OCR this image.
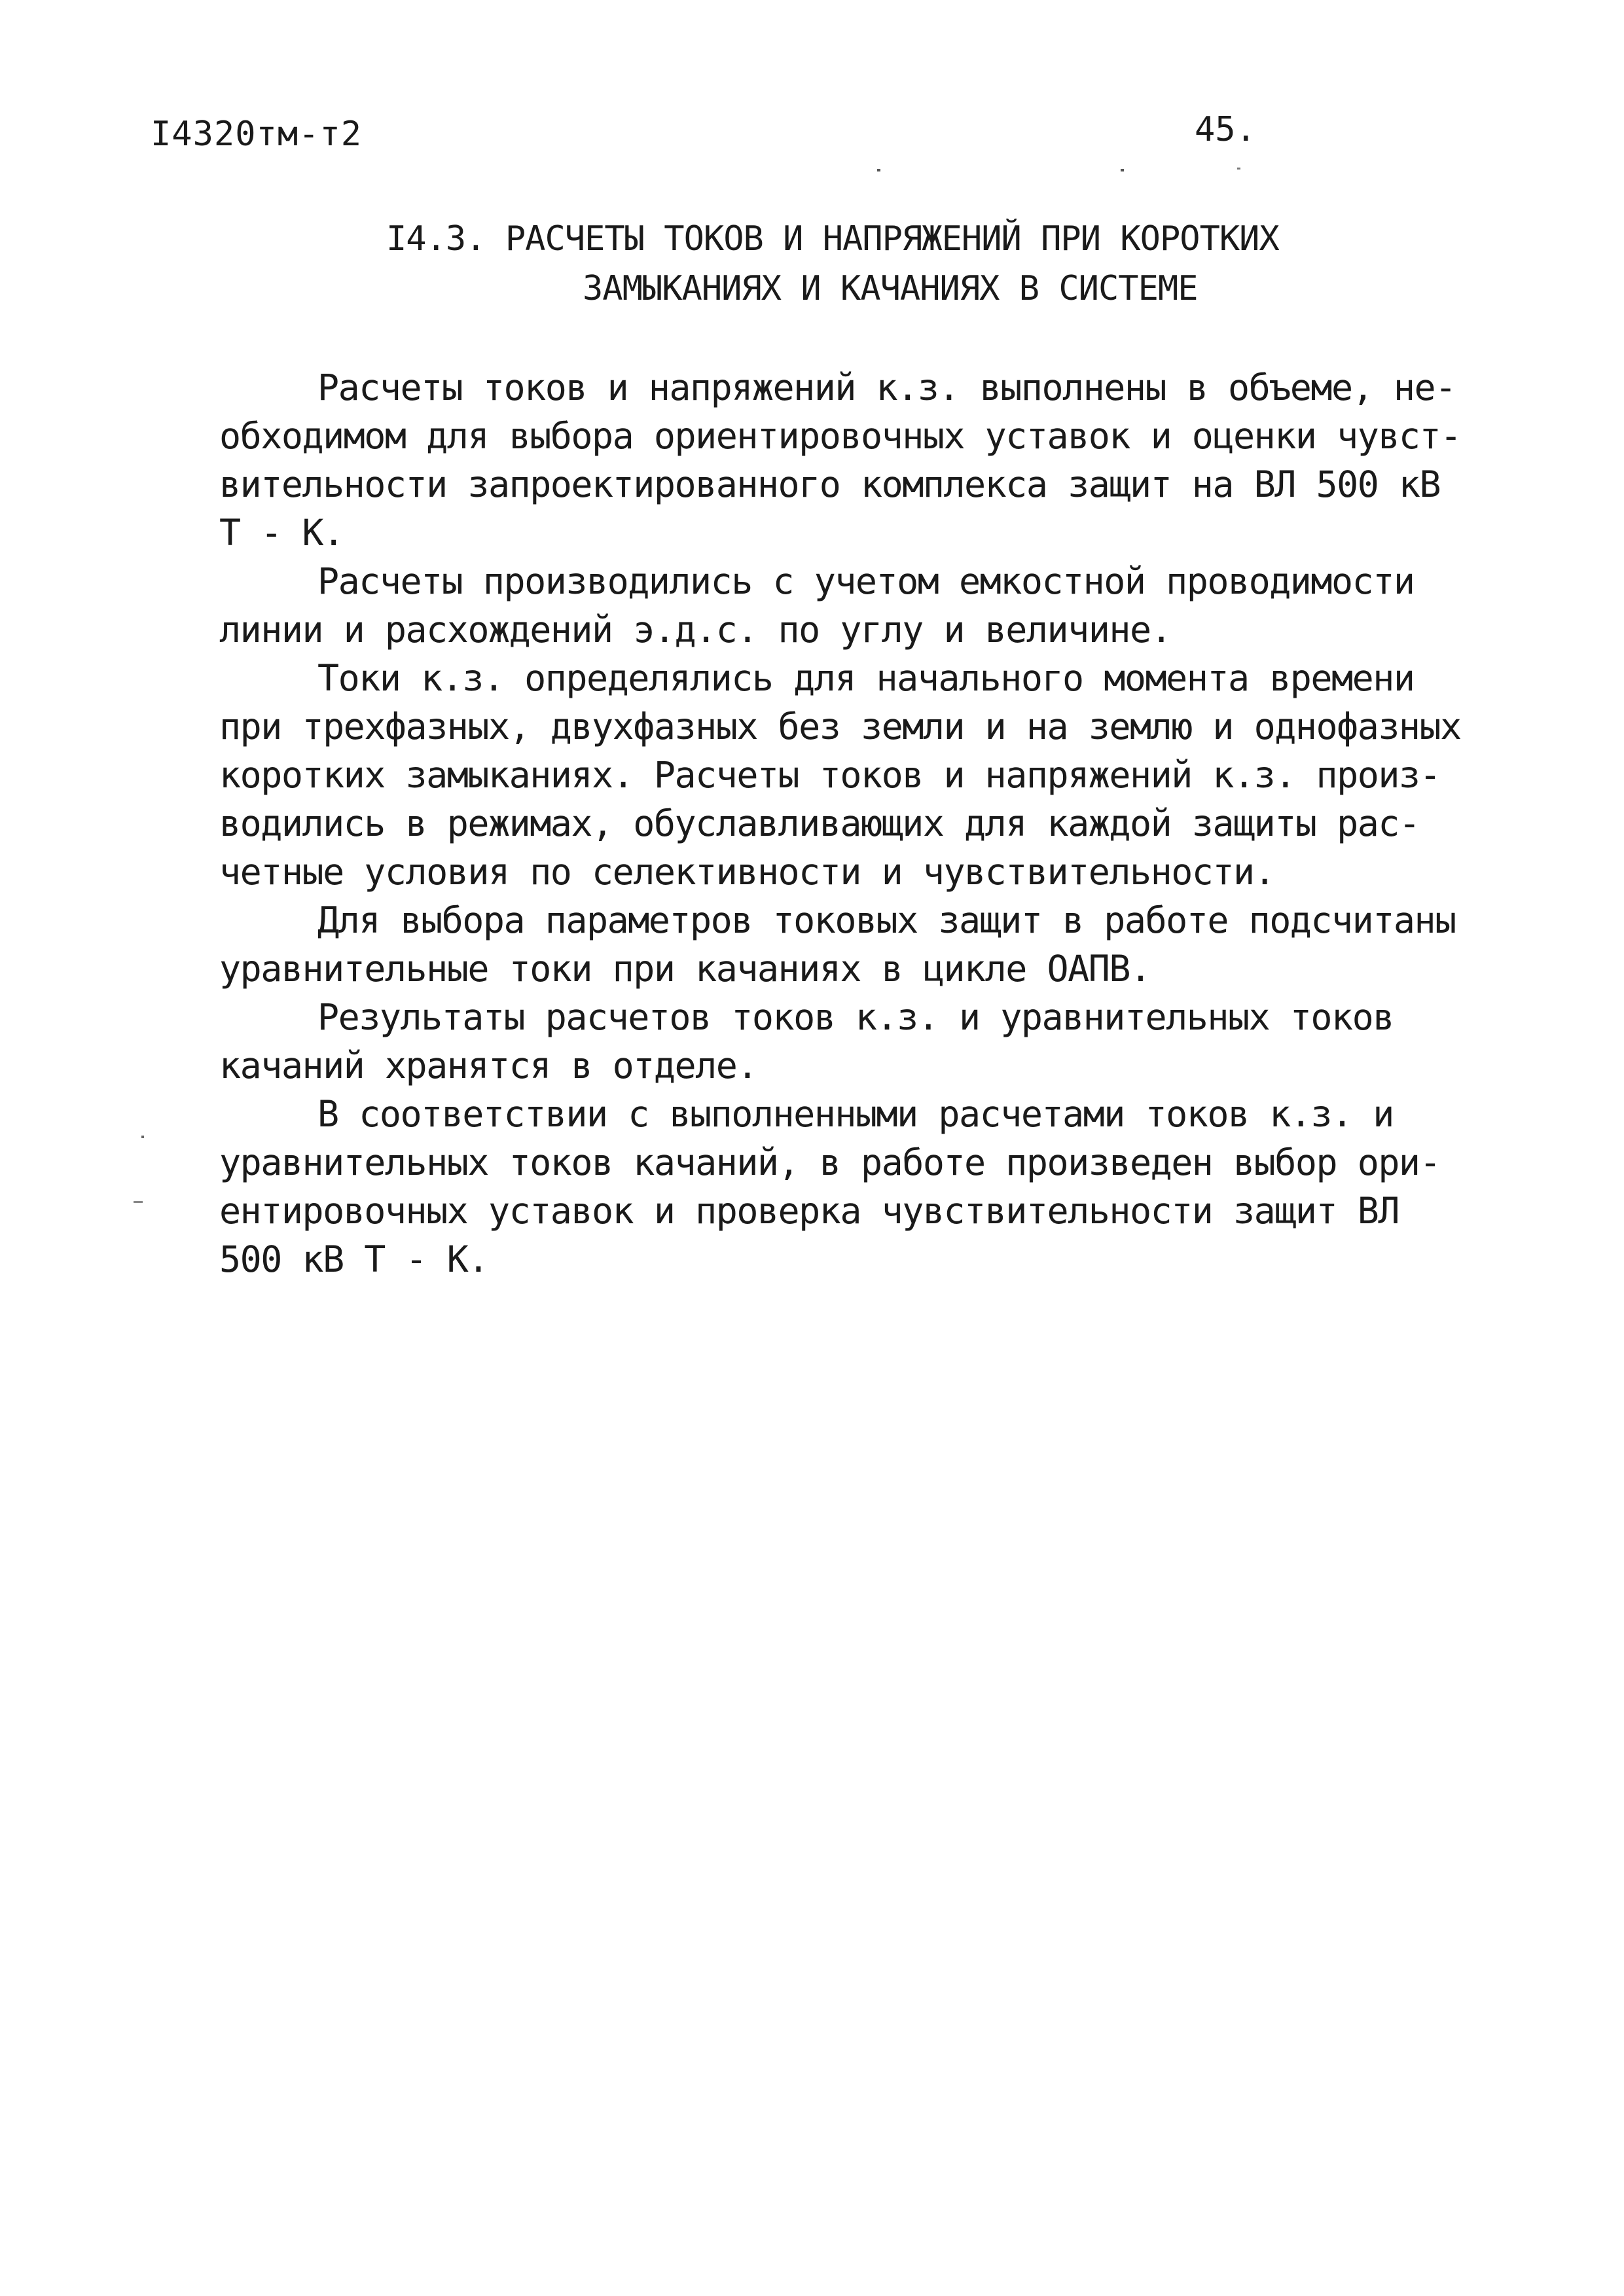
I4320тм-т2	45.
I4.3. РАСЧЕТЫ ТОКОВ И НАПРЯЖЕНИЙ ПРИ КОРОТКИХ
ЗАМЫКАНИЯХ И КАЧАНИЯХ В СИСТЕМЕ
Расчеты токов и напряжений к.з. выполнены в объеме, не-
обходимом для выбора ориентировочных уставок и оценки чувст-
вительности запроектированного комплекса защит на ВЛ 500 кВ
Т - К.
Расчеты производились с учетом емкостной проводимости
линии и расхождений э.д.с. по углу и величине.
Токи к.з. определялись для начального момента времени
при трехфазных, двухфазных без земли и на землю и однофазных
коротких замыканиях. Расчеты токов и напряжений к.з. произ-
водились в режимах, обуславливающих для каждой защиты рас-
четные условия по селективности и чувствительности.
Для выбора параметров токовых защит в работе подсчитаны
уравнительные токи при качаниях в цикле ОАПВ.
Результаты расчетов токов к.з. и уравнительных токов
качаний хранятся в отделе.
В соответствии с выполненными расчетами токов к.з. и
уравнительных токов качаний, в работе произведен выбор ори-
ентировочных уставок и проверка чувствительности защит ВЛ
500 кВ Т - К.
